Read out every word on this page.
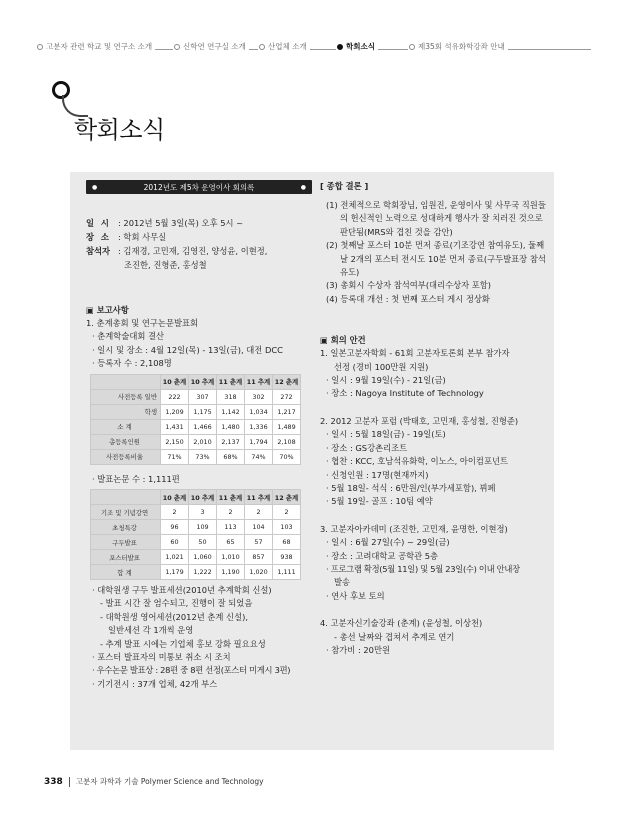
고분자 관련 학교 및 연구소 소개	신학연 연구실 소개	산업체 소개	학회소식	제35회 석유화학강좌 안내
학회소식
●	2012년도 제5차 운영이사 회의록	●
일 시 : 2012년 5월 3일(목) 오후 5시 ~
장 소 : 학회 사무실
참석자 : 김재경, 고민재, 김영진, 양성윤, 이현정,
조진한, 진형준, 홍성철
▣ 보고사항
1. 춘계총회 및 연구논문발표회
· 춘계학술대회 결산
· 일시 및 장소 : 4월 12일(목) - 13일(금), 대전 DCC
· 등록자 수 : 2,108명
	10 춘계	10 추계	11 춘계	11 추계	12 춘계
사전등록 일반	222	307	318	302	272
학생	1,209	1,175	1,142	1,034	1,217
소 계	1,431	1,466	1,480	1,336	1,489
총등록인원	2,150	2,010	2,137	1,794	2,108
사전등록비율	71%	73%	68%	74%	70%
· 발표논문 수 : 1,111편
	10 춘계	10 추계	11 춘계	11 추계	12 춘계
기조 및 기념강연	2	3	2	2	2
초청특강	96	109	113	104	103
구두발표	60	50	65	57	68
포스터발표	1,021	1,060	1,010	857	938
합 계	1,179	1,222	1,190	1,020	1,111
· 대학원생 구두 발표세션(2010년 추계학회 신설)
- 발표 시간 잘 엄수되고, 진행이 잘 되었음
- 대학원생 영어세션(2012년 춘계 신설),
일반세션 각 1개씩 운영
- 추계 발표 시에는 기업체 홍보 강화 필요요성
· 포스터 발표자의 미통보 취소 시 조치
· 우수논문 발표상 : 28편 중 8편 선정(포스터 미게시 3편)
· 기기전시 : 37개 업체, 42개 부스
[ 종합 결론 ]
(1) 전체적으로 학회장님, 임원진, 운영이사 및 사무국 직원들의 헌신적인 노력으로 성대하게 행사가 잘 치러진 것으로 판단됨(MRS와 겹친 것을 감안)
(2) 첫째날 포스터 10분 먼저 종료(기조강연 참여유도), 둘째날 2개의 포스터 전시도 10분 먼저 종료(구두발표장 참석 유도)
(3) 총회시 수상자 참석여부(대리수상자 포함)
(4) 등록대 개선 : 첫 번째 포스터 게시 정상화
▣ 회의 안건
1. 일본고분자학회 - 61회 고분자토론회 본부 참가자
선정 (경비 100만원 지원)
· 일시 : 9월 19일(수) - 21일(금)
· 장소 : Nagoya Institute of Technology
2. 2012 고분자 포럼 (박태호, 고민재, 홍성철, 진형준)
· 일시 : 5월 18일(금) - 19일(토)
· 장소 : GS강촌리조트
· 협찬 : KCC, 호남석유화학, 이노스, 아이컴포넌트
· 신청인원 : 17명(현재까지)
· 5월 18일- 석식 : 6만원/인(부가세포함), 뷔페
· 5월 19일- 골프 : 10팀 예약
3. 고분자아카데미 (조진한, 고민재, 윤명한, 이현정)
· 일시 : 6월 27일(수) ~ 29일(금)
· 장소 : 고려대학교 공학관 5층
· 프로그램 확정(5월 11일) 및 5월 23일(수) 이내 안내장
발송
· 연사 후보 토의
4. 고분자신기술강좌 (춘계) (윤성철, 이상천)
- 총선 날짜와 겹쳐서 추계로 연기
· 참가비 : 20만원
338 고분자 과학과 기술 Polymer Science and Technology
